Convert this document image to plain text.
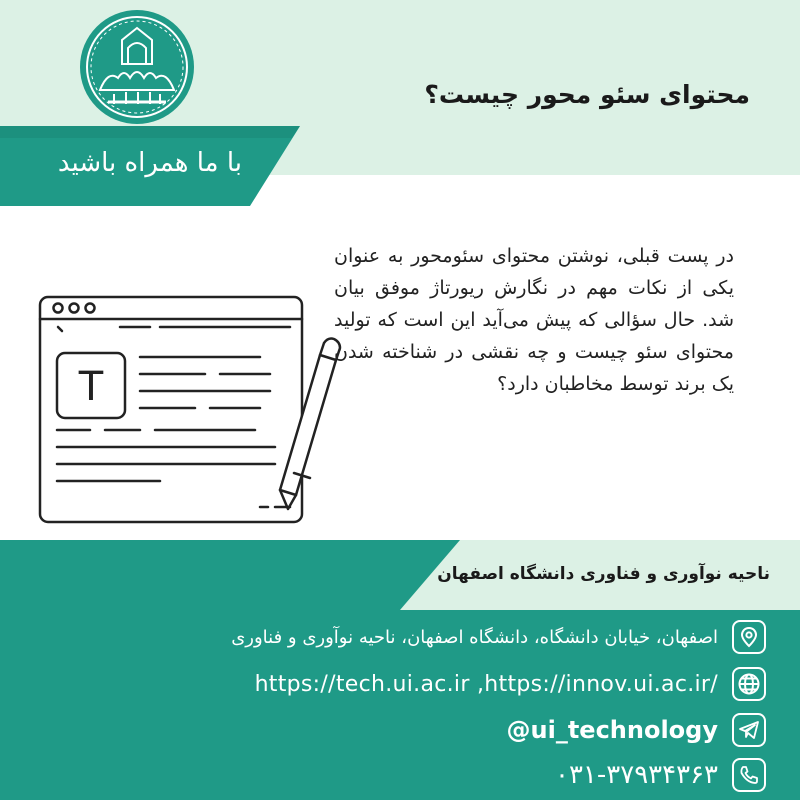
محتوای سئو محور چیست؟
با ما همراه باشید
T
در پست قبلی، نوشتن محتوای سئومحور به عنوان یکی از نکات مهم در نگارش ریورتاژ موفق بیان شد. حال سؤالی که پیش می‌آید این است که تولید محتوای سئو چیست و چه نقشی در شناخته شدن یک برند توسط مخاطبان دارد؟
ناحیه نوآوری و فناوری دانشگاه اصفهان
اصفهان، خیابان دانشگاه، دانشگاه اصفهان، ناحیه نوآوری و فناوری
https://tech.ui.ac.ir ,https://innov.ui.ac.ir/
@ui_technology
۰۳۱-۳۷۹۳۴۳۶۳
